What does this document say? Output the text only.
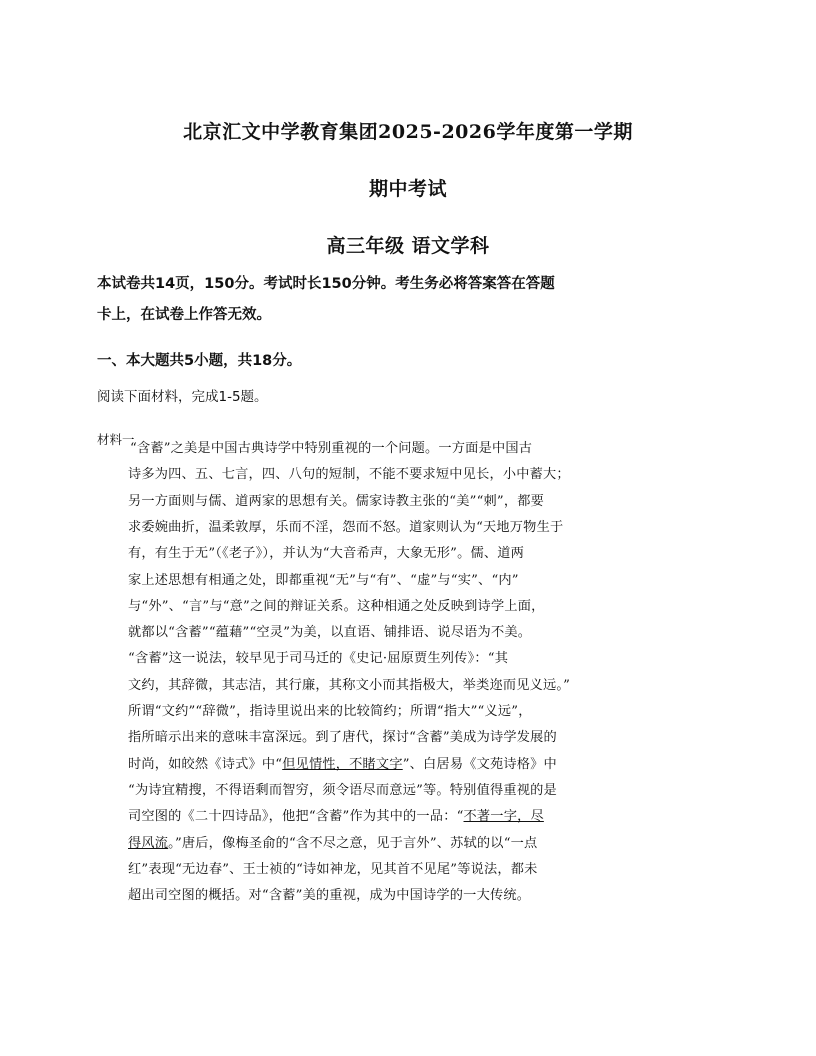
北京汇文中学教育集团2025-2026学年度第一学期
期中考试
高三年级 语文学科
本试卷共14页，150分。考试时长150分钟。考生务必将答案答在答题
卡上，在试卷上作答无效。
一、本大题共5小题，共18分。
阅读下面材料，完成1-5题。
材料一
“含蓄”之美是中国古典诗学中特别重视的一个问题。一方面是中国古
诗多为四、五、七言，四、八句的短制，不能不要求短中见长，小中蓄大；
另一方面则与儒、道两家的思想有关。儒家诗教主张的“美”“刺”，都要
求委婉曲折，温柔敦厚，乐而不淫，怨而不怒。道家则认为“天地万物生于
有，有生于无”（《老子》），并认为“大音希声，大象无形”。儒、道两
家上述思想有相通之处，即都重视“无”与“有”、“虚”与“实”、“内”
与“外”、“言”与“意”之间的辩证关系。这种相通之处反映到诗学上面，
就都以“含蓄”“蕴藉”“空灵”为美，以直语、铺排语、说尽语为不美。
“含蓄”这一说法，较早见于司马迁的《史记·屈原贾生列传》：“其
文约，其辞微，其志洁，其行廉，其称文小而其指极大，举类迩而见义远。”
所谓“文约”“辞微”，指诗里说出来的比较简约；所谓“指大”“义远”，
指所暗示出来的意味丰富深远。到了唐代，探讨“含蓄”美成为诗学发展的
时尚，如皎然《诗式》中“但见情性，不睹文字”、白居易《文苑诗格》中
“为诗宜精搜，不得语剩而智穷，须令语尽而意远”等。特别值得重视的是
司空图的《二十四诗品》，他把“含蓄”作为其中的一品：“不著一字，尽
得风流。”唐后，像梅圣俞的“含不尽之意，见于言外”、苏轼的以“一点
红”表现“无边春”、王士祯的“诗如神龙，见其首不见尾”等说法，都未
超出司空图的概括。对“含蓄”美的重视，成为中国诗学的一大传统。
